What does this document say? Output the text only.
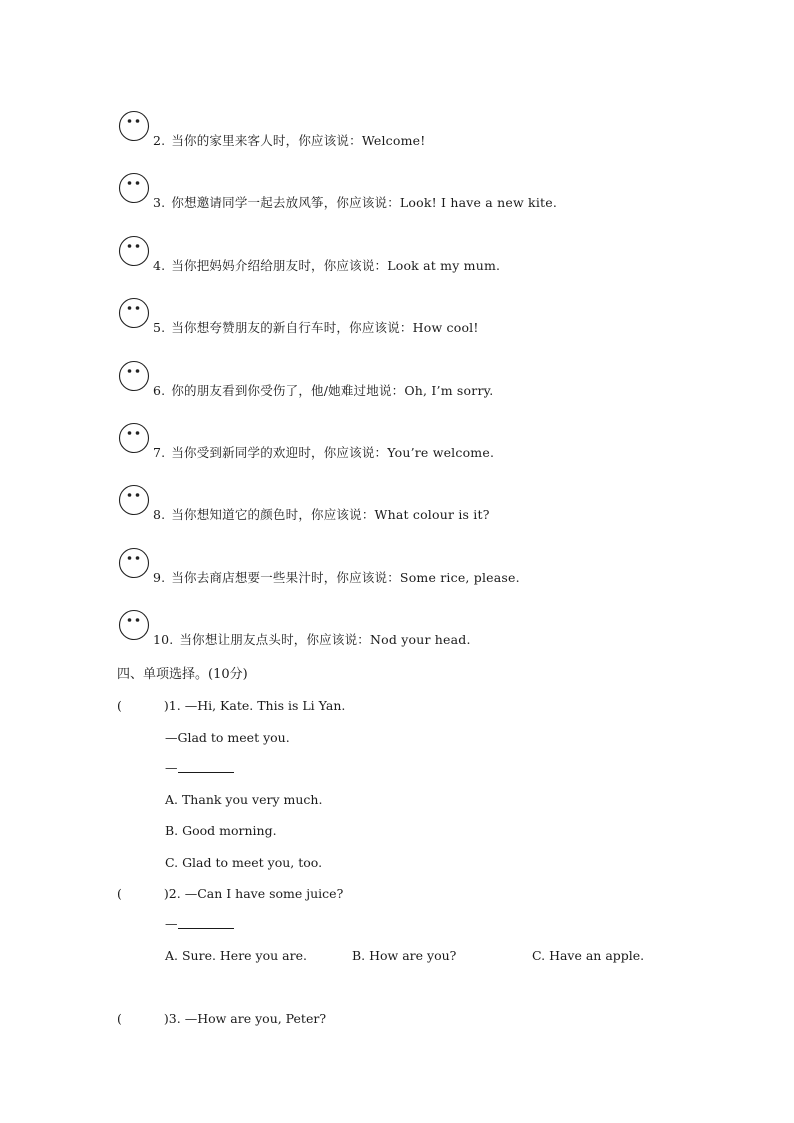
2. 当你的家里来客人时，你应该说：Welcome!
3. 你想邀请同学一起去放风筝，你应该说：Look! I have a new kite.
4. 当你把妈妈介绍给朋友时，你应该说：Look at my mum.
5. 当你想夸赞朋友的新自行车时，你应该说：How cool!
6. 你的朋友看到你受伤了，他/她难过地说：Oh, I’m sorry.
7. 当你受到新同学的欢迎时，你应该说：You’re welcome.
8. 当你想知道它的颜色时，你应该说：What colour is it?
9. 当你去商店想要一些果汁时，你应该说：Some rice, please.
10. 当你想让朋友点头时，你应该说：Nod your head.
四、单项选择。(10分)
(	)1. —Hi, Kate. This is Li Yan.
—Glad to meet you.
—
A. Thank you very much.
B. Good morning.
C. Glad to meet you, too.
(	)2. —Can I have some juice?
—
A. Sure. Here you are.	B. How are you?	C. Have an apple.
(	)3. —How are you, Peter?
